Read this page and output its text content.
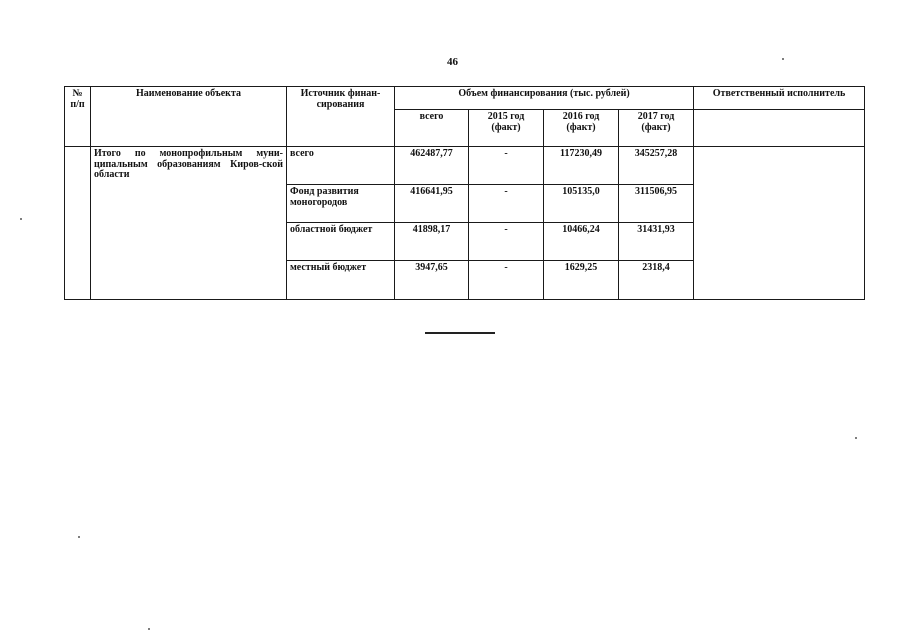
46
№ п/п	Наименование объекта	Источник финан- сирования	Объем финансирования (тыс. рублей)				Ответственный исполнитель
			всего	2015 год (факт)	2016 год (факт)	2017 год (факт)	
	Итого по монопрофильным муни-ципальным образованиям Киров-ской области	всего	462487,77	-	117230,49	345257,28	
		Фонд развития моногородов	416641,95	-	105135,0	311506,95	
		областной бюджет	41898,17	-	10466,24	31431,93	
		местный бюджет	3947,65	-	1629,25	2318,4	
